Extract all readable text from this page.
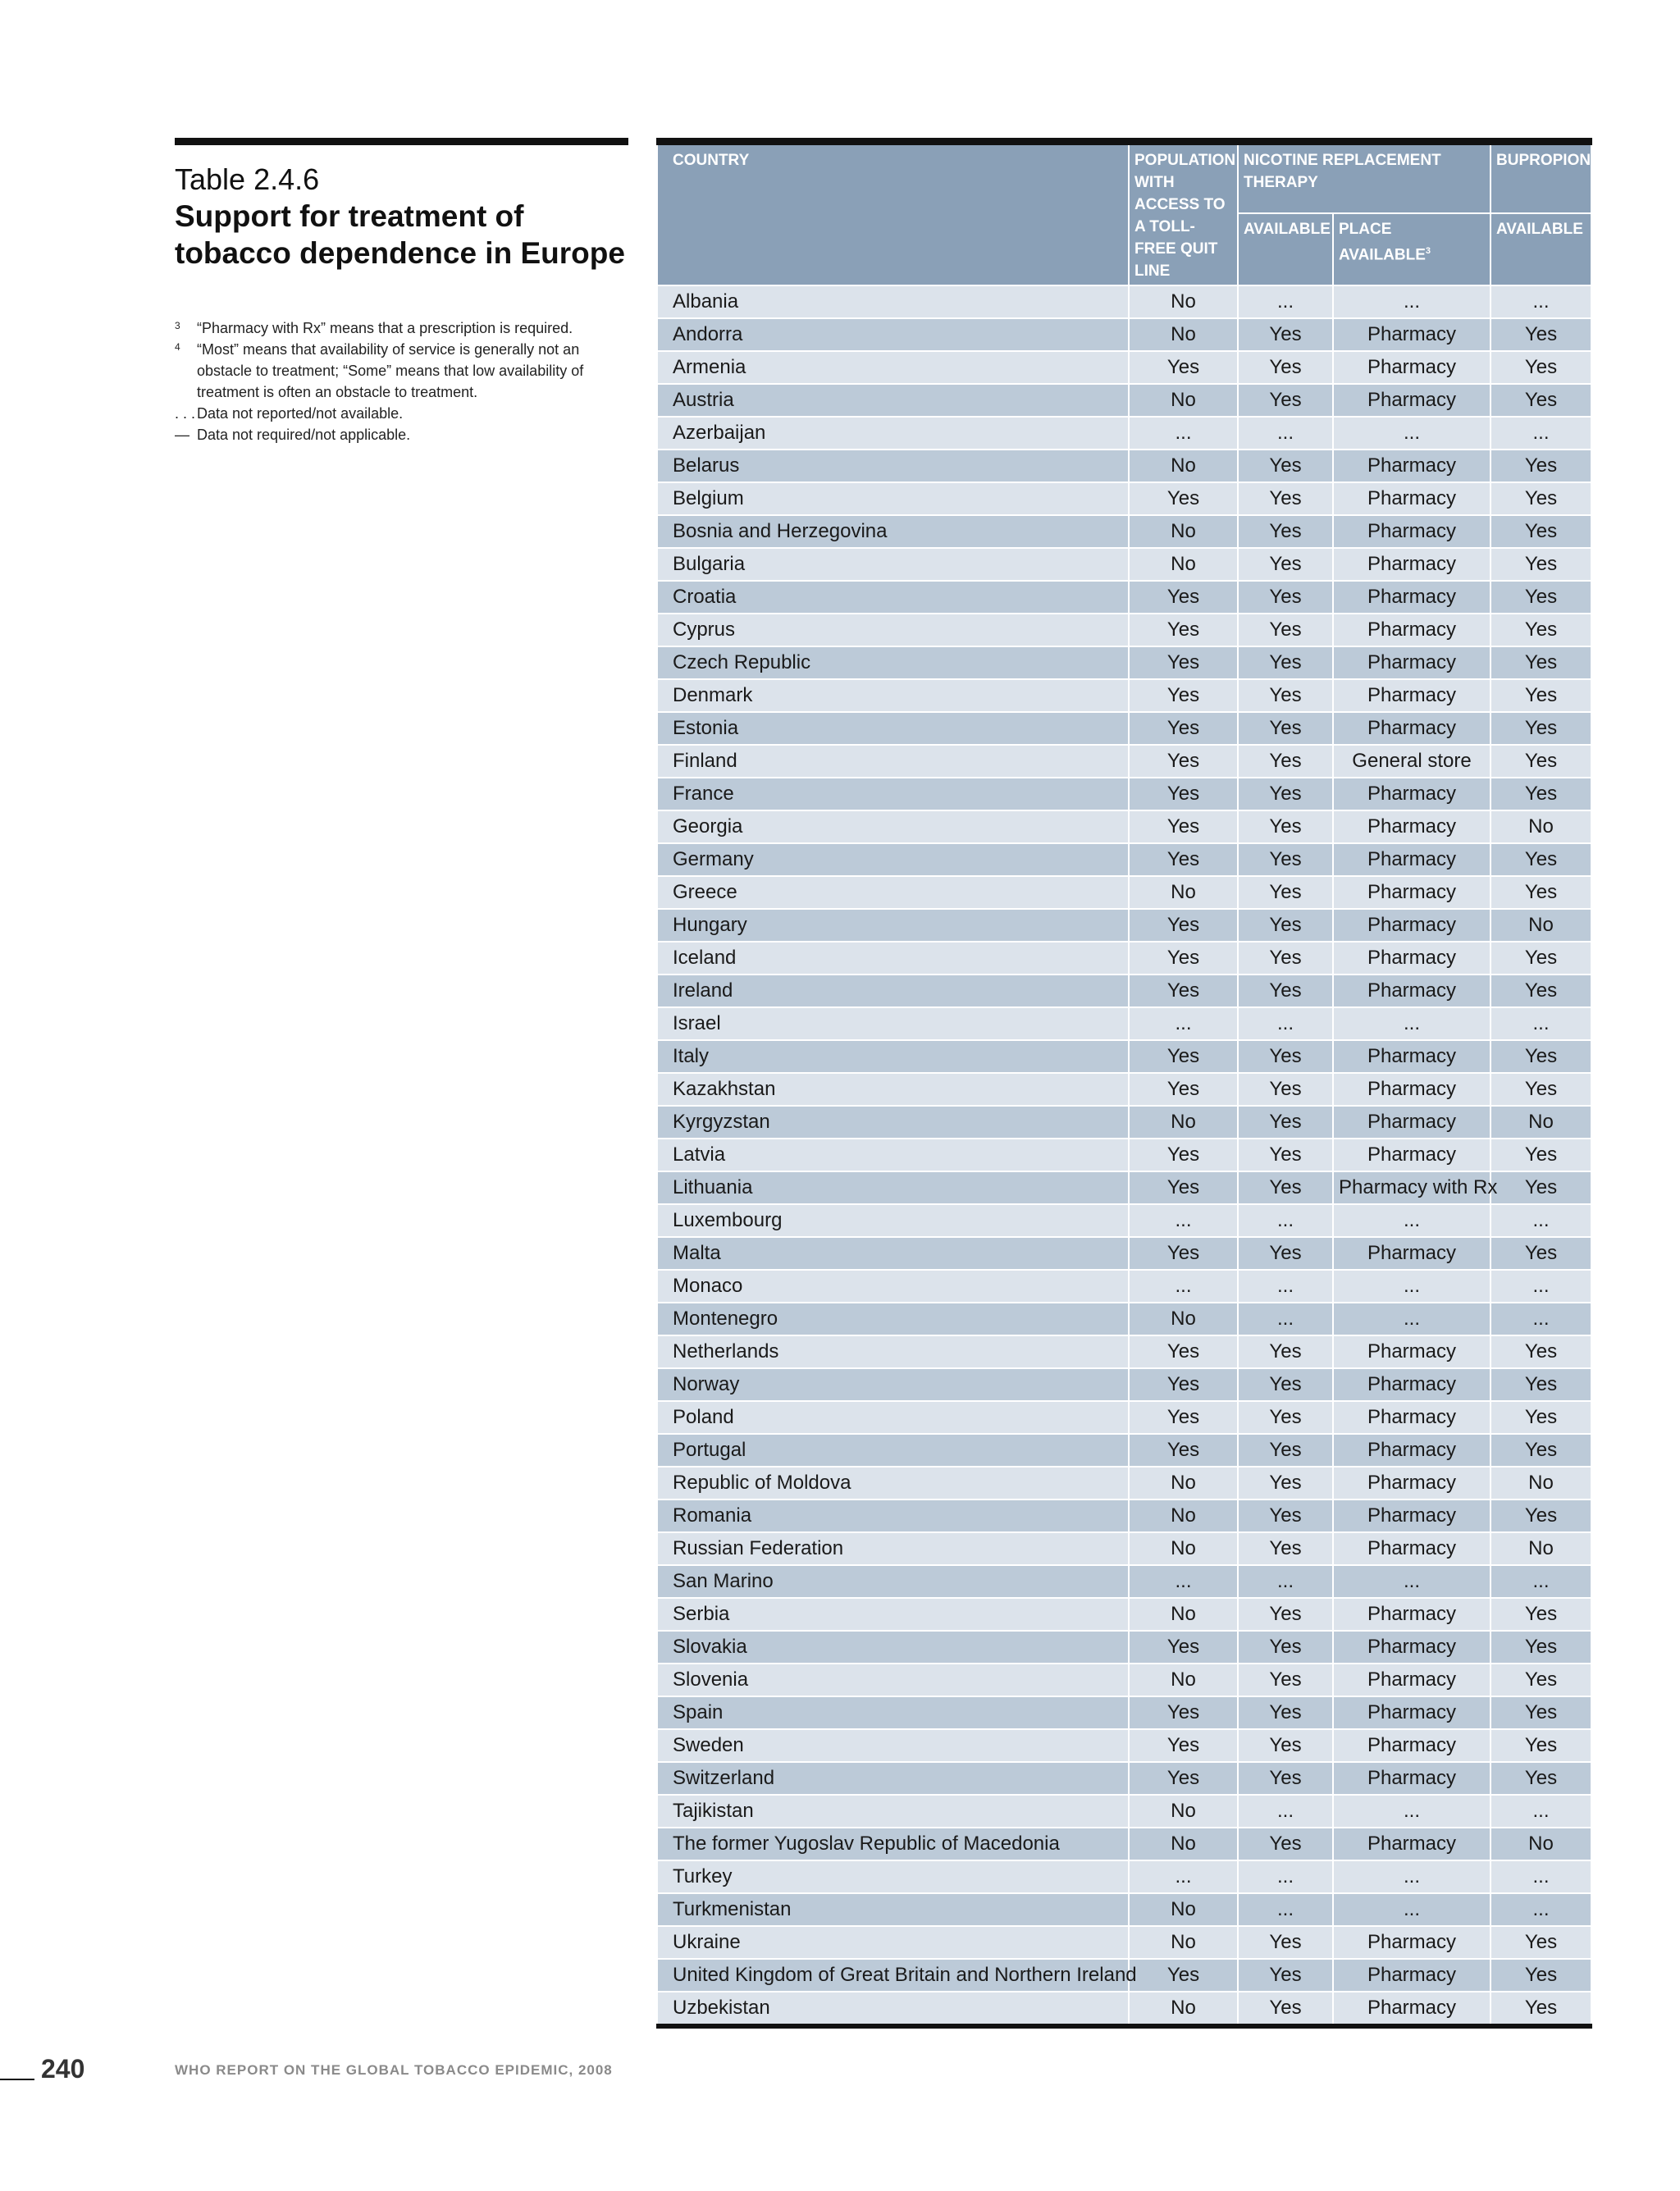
Table 2.4.6
Support for treatment of tobacco dependence in Europe
3	“Pharmacy with Rx” means that a prescription is required.
4	“Most” means that availability of service is generally not an obstacle to treatment; “Some” means that low availability of treatment is often an obstacle to treatment.
. . . Data not reported/not available.
— Data not required/not applicable.
COUNTRY	POPULATION WITH ACCESS TO A TOLL-FREE QUIT LINE	NICOTINE REPLACEMENT THERAPY		BUPROPION
		AVAILABLE	PLACE AVAILABLE$^3$	AVAILABLE
Albania	No	...	...	...
Andorra	No	Yes	Pharmacy	Yes
Armenia	Yes	Yes	Pharmacy	Yes
Austria	No	Yes	Pharmacy	Yes
Azerbaijan	...	...	...	...
Belarus	No	Yes	Pharmacy	Yes
Belgium	Yes	Yes	Pharmacy	Yes
Bosnia and Herzegovina	No	Yes	Pharmacy	Yes
Bulgaria	No	Yes	Pharmacy	Yes
Croatia	Yes	Yes	Pharmacy	Yes
Cyprus	Yes	Yes	Pharmacy	Yes
Czech Republic	Yes	Yes	Pharmacy	Yes
Denmark	Yes	Yes	Pharmacy	Yes
Estonia	Yes	Yes	Pharmacy	Yes
Finland	Yes	Yes	General store	Yes
France	Yes	Yes	Pharmacy	Yes
Georgia	Yes	Yes	Pharmacy	No
Germany	Yes	Yes	Pharmacy	Yes
Greece	No	Yes	Pharmacy	Yes
Hungary	Yes	Yes	Pharmacy	No
Iceland	Yes	Yes	Pharmacy	Yes
Ireland	Yes	Yes	Pharmacy	Yes
Israel	...	...	...	...
Italy	Yes	Yes	Pharmacy	Yes
Kazakhstan	Yes	Yes	Pharmacy	Yes
Kyrgyzstan	No	Yes	Pharmacy	No
Latvia	Yes	Yes	Pharmacy	Yes
Lithuania	Yes	Yes	Pharmacy with Rx	Yes
Luxembourg	...	...	...	...
Malta	Yes	Yes	Pharmacy	Yes
Monaco	...	...	...	...
Montenegro	No	...	...	...
Netherlands	Yes	Yes	Pharmacy	Yes
Norway	Yes	Yes	Pharmacy	Yes
Poland	Yes	Yes	Pharmacy	Yes
Portugal	Yes	Yes	Pharmacy	Yes
Republic of Moldova	No	Yes	Pharmacy	No
Romania	No	Yes	Pharmacy	Yes
Russian Federation	No	Yes	Pharmacy	No
San Marino	...	...	...	...
Serbia	No	Yes	Pharmacy	Yes
Slovakia	Yes	Yes	Pharmacy	Yes
Slovenia	No	Yes	Pharmacy	Yes
Spain	Yes	Yes	Pharmacy	Yes
Sweden	Yes	Yes	Pharmacy	Yes
Switzerland	Yes	Yes	Pharmacy	Yes
Tajikistan	No	...	...	...
The former Yugoslav Republic of Macedonia	No	Yes	Pharmacy	No
Turkey	...	...	...	...
Turkmenistan	No	...	...	...
Ukraine	No	Yes	Pharmacy	Yes
United Kingdom of Great Britain and Northern Ireland	Yes	Yes	Pharmacy	Yes
Uzbekistan	No	Yes	Pharmacy	Yes
240	WHO REPORT ON THE GLOBAL TOBACCO EPIDEMIC, 2008
